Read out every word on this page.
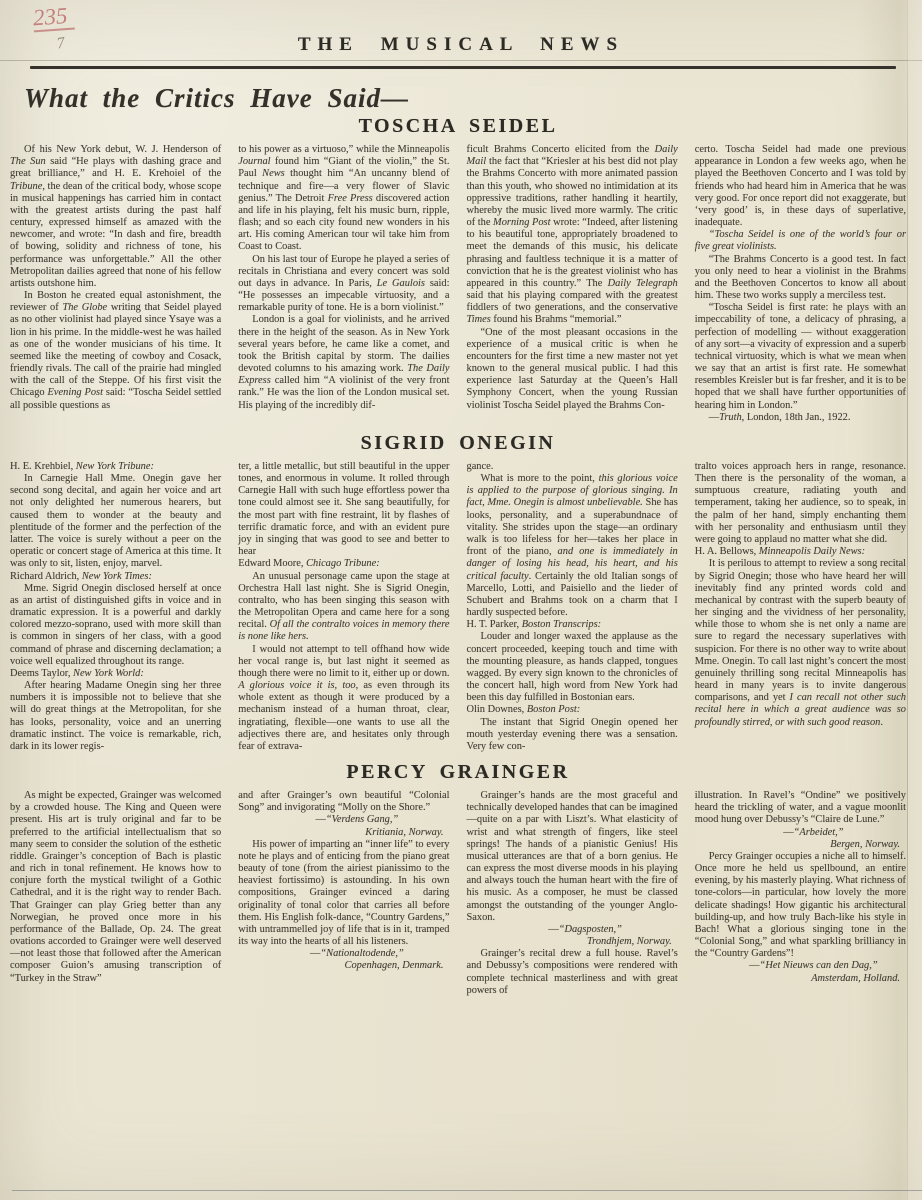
235
7	THE MUSICAL NEWS
What the Critics Have Said—
TOSCHA SEIDEL

Of his New York debut, W. J. Henderson of The Sun said “He plays with dashing grace and great brilliance,” and H. E. Krehoiel of the Tribune, the dean of the critical body, whose scope in musical happenings has carried him in contact with the greatest artists during the past half century, expressed himself as amazed with the newcomer, and wrote: “In dash and fire, breadth of bowing, solidity and richness of tone, his performance was unforgettable.” All the other Metropolitan dailies agreed that none of his fellow artists outshone him.

In Boston he created equal astonishment, the reviewer of The Globe writing that Seidel played as no other violinist had played since Ysaye was a lion in his prime. In the middle-west he was hailed as one of the wonder musicians of his time. It seemed like the meeting of cowboy and Cosack, friendly rivals. The call of the prairie had mingled with the call of the Steppe. Of his first visit the Chicago Evening Post said: “Toscha Seidel settled all possible questions as

to his power as a virtuoso,” while the Minneapolis Journal found him “Giant of the violin,” the St. Paul News thought him “An uncanny blend of technique and fire—a very flower of Slavic genius.” The Detroit Free Press discovered action and life in his playing, felt his music burn, ripple, flash; and so each city found new wonders in his art. His coming American tour wil take him from Coast to Coast.

On his last tour of Europe he played a series of recitals in Christiana and every concert was sold out days in advance. In Paris, Le Gaulois said: “He possesses an impecable virtuosity, and a remarkable purity of tone. He is a born violinist.”

London is a goal for violinists, and he arrived there in the height of the season. As in New York several years before, he came like a comet, and took the British capital by storm. The dailies devoted columns to his amazing work. The Daily Express called him “A violinist of the very front rank.” He was the lion of the London musical set. His playing of the incredibly dif-

ficult Brahms Concerto elicited from the Daily Mail the fact that “Kriesler at his best did not play the Brahms Concerto with more animated passion than this youth, who showed no intimidation at its oppressive traditions, rather handling it heartily, whereby the music lived more warmly. The critic of the Morning Post wrote: “Indeed, after listening to his beautiful tone, appropriately broadened to meet the demands of this music, his delicate phrasing and faultless technique it is a matter of conviction that he is the greatest violinist who has appeared in this country.” The Daily Telegraph said that his playing compared with the greatest fiddlers of two generations, and the conservative Times found his Brahms “memorial.”

“One of the most pleasant occasions in the experience of a musical critic is when he encounters for the first time a new master not yet known to the general musical public. I had this experience last Saturday at the Queen’s Hall Symphony Concert, when the young Russian violinist Toscha Seidel played the Brahms Con-

certo. Toscha Seidel had made one previous appearance in London a few weeks ago, when he played the Beethoven Concerto and I was told by friends who had heard him in America that he was very good. For once report did not exaggerate, but ‘very good’ is, in these days of superlative, inadequate.

“Toscha Seidel is one of the world’s four or five great violinists.

“The Brahms Concerto is a good test. In fact you only need to hear a violinist in the Brahms and the Beethoven Concertos to know all about him. These two works supply a merciless test.

“Toscha Seidel is first rate: he plays with an impeccability of tone, a delicacy of phrasing, a perfection of modelling — without exaggeration of any sort—a vivacity of expression and a superb technical virtuosity, which is what we mean when we say that an artist is first rate. He somewhat resembles Kreisler but is far fresher, and it is to be hoped that we shall have further opportunities of hearing him in London.”

—Truth, London, 18th Jan., 1922.

SIGRID ONEGIN

H. E. Krehbiel, New York Tribune:

In Carnegie Hall Mme. Onegin gave her second song decital, and again her voice and art not only delighted her numerous hearers, but caused them to wonder at the beauty and plentitude of the former and the perfection of the latter. The voice is surely without a peer on the operatic or concert stage of America at this time. It was only to sit, listen, enjoy, marvel.

Richard Aldrich, New York Times:

Mme. Sigrid Onegin disclosed herself at once as an artist of distinguished gifts in voice and in dramatic expression. It is a powerful and darkly colored mezzo-soprano, used with more skill than is common in singers of her class, with a good command of phrase and discerning declamation; a voice well equalized throughout its range.

Deems Taylor, New York World:

After hearing Madame Onegin sing her three numbers it is impossible not to believe that she will do great things at the Metropolitan, for she has looks, personality, voice and an unerring dramatic instinct. The voice is remarkable, rich, dark in its lower regis-

ter, a little metallic, but still beautiful in the upper tones, and enormous in volume. It rolled through Carnegie Hall with such huge effortless power tha tone could almost see it. She sang beautifully, for the most part with fine restraint, lit by flashes of terrific dramatic force, and with an evident pure joy in singing that was good to see and better to hear

Edward Moore, Chicago Tribune:

An unusual personage came upon the stage at Orchestra Hall last night. She is Sigrid Onegin, contralto, who has been singing this season with the Metropolitan Opera and came here for a song recital. Of all the contralto voices in memory there is none like hers.

I would not attempt to tell offhand how wide her vocal range is, but last night it seemed as though there were no limit to it, either up or down. A glorious voice it is, too, as even through its whole extent as though it were produced by a mechanism instead of a human throat, clear, ingratiating, flexible—one wants to use all the adjectives there are, and hesitates only through fear of extrava-

gance.

What is more to the point, this glorious voice is applied to the purpose of glorious singing. In fact, Mme. Onegin is almost unbelievable. She has looks, personality, and a superabundnace of vitality. She strides upon the stage—an ordinary walk is too lifeless for her—takes her place in front of the piano, and one is immediately in danger of losing his head, his heart, and his critical faculty. Certainly the old Italian songs of Marcello, Lotti, and Paisiello and the lieder of Schubert and Brahms took on a charm that I hardly suspected before.

H. T. Parker, Boston Transcrips:

Louder and longer waxed the applause as the concert proceeded, keeping touch and time with the mounting pleasure, as hands clapped, tongues wagged. By every sign known to the chronicles of the concert hall, high word from New York had been this day fulfilled in Bostonian ears.

Olin Downes, Boston Post:

The instant that Sigrid Onegin opened her mouth yesterday evening there was a sensation. Very few con-

tralto voices approach hers in range, resonance. Then there is the personality of the woman, a sumptuous creature, radiating youth and temperament, taking her audience, so to speak, in the palm of her hand, simply enchanting them with her personality and enthusiasm until they were going to applaud no matter what she did.

H. A. Bellows, Minneapolis Daily News:

It is perilous to attempt to review a song recital by Sigrid Onegin; those who have heard her will inevitably find any printed words cold and mechanical by contrast with the superb beauty of her singing and the vividness of her personality, while those to whom she is net only a name are sure to regard the necessary superlatives with suspicion. For there is no other way to write about Mme. Onegin. To call last night’s concert the most genuinely thrilling song recital Minneapolis has heard in many years is to invite dangerous comparisons, and yet I can recall not other such recital here in which a great audience was so profoundly stirred, or with such good reason.

PERCY GRAINGER

As might be expected, Grainger was welcomed by a crowded house. The King and Queen were present. His art is truly original and far to be preferred to the artificial intellectualism that so many seem to consider the solution of the esthetic riddle. Grainger’s conception of Bach is plastic and rich in tonal refinement. He knows how to conjure forth the mystical twilight of a Gothic Cathedral, and it is the right way to render Bach. That Grainger can play Grieg better than any Norwegian, he proved once more in his performance of the Ballade, Op. 24. The great ovations accorded to Grainger were well deserved—not least those that followed after the American composer Guion’s amusing transcription of “Turkey in the Straw”

and after Grainger’s own beautiful “Colonial Song” and invigorating “Molly on the Shore.”

—“Verdens Gang,”
Kritiania, Norway.

His power of imparting an “inner life” to every note he plays and of enticing from the piano great beauty of tone (from the airiest pianissimo to the heaviest fortissimo) is astounding. In his own compositions, Grainger evinced a daring originality of tonal color that carries all before them. His English folk-dance, “Country Gardens,” with untrammelled joy of life that is in it, tramped its way into the hearts of all his listeners.

—“Nationaltodende,”
Copenhagen, Denmark.

Grainger’s hands are the most graceful and technically developed handes that can be imagined—quite on a par with Liszt’s. What elasticity of wrist and what strength of fingers, like steel springs! The hands of a pianistic Genius! His musical utterances are that of a born genius. He can express the most diverse moods in his playing and always touch the human heart with the fire of his music. As a composer, he must be classed amongst the outstanding of the younger Anglo-Saxon.

—“Dagsposten,”
Trondhjem, Norway.

Grainger’s recital drew a full house. Ravel’s and Debussy’s compositions were rendered with complete technical masterliness and with great powers of

illustration. In Ravel’s “Ondine” we positively heard the trickling of water, and a vague moonlit mood hung over Debussy’s “Claire de Lune.”

—“Arbeidet,”
Bergen, Norway.

Percy Grainger occupies a niche all to himself. Once more he held us spellbound, an entire evening, by his masterly playing. What richness of tone-colors—in particular, how lovely the more delicate shadings! How gigantic his architectural building-up, and how truly Bach-like his style in Bach! What a glorious singing tone in the “Colonial Song,” and what sparkling brilliancy in the “Country Gardens”!

—“Het Nieuws can den Dag,”
Amsterdam, Holland.
